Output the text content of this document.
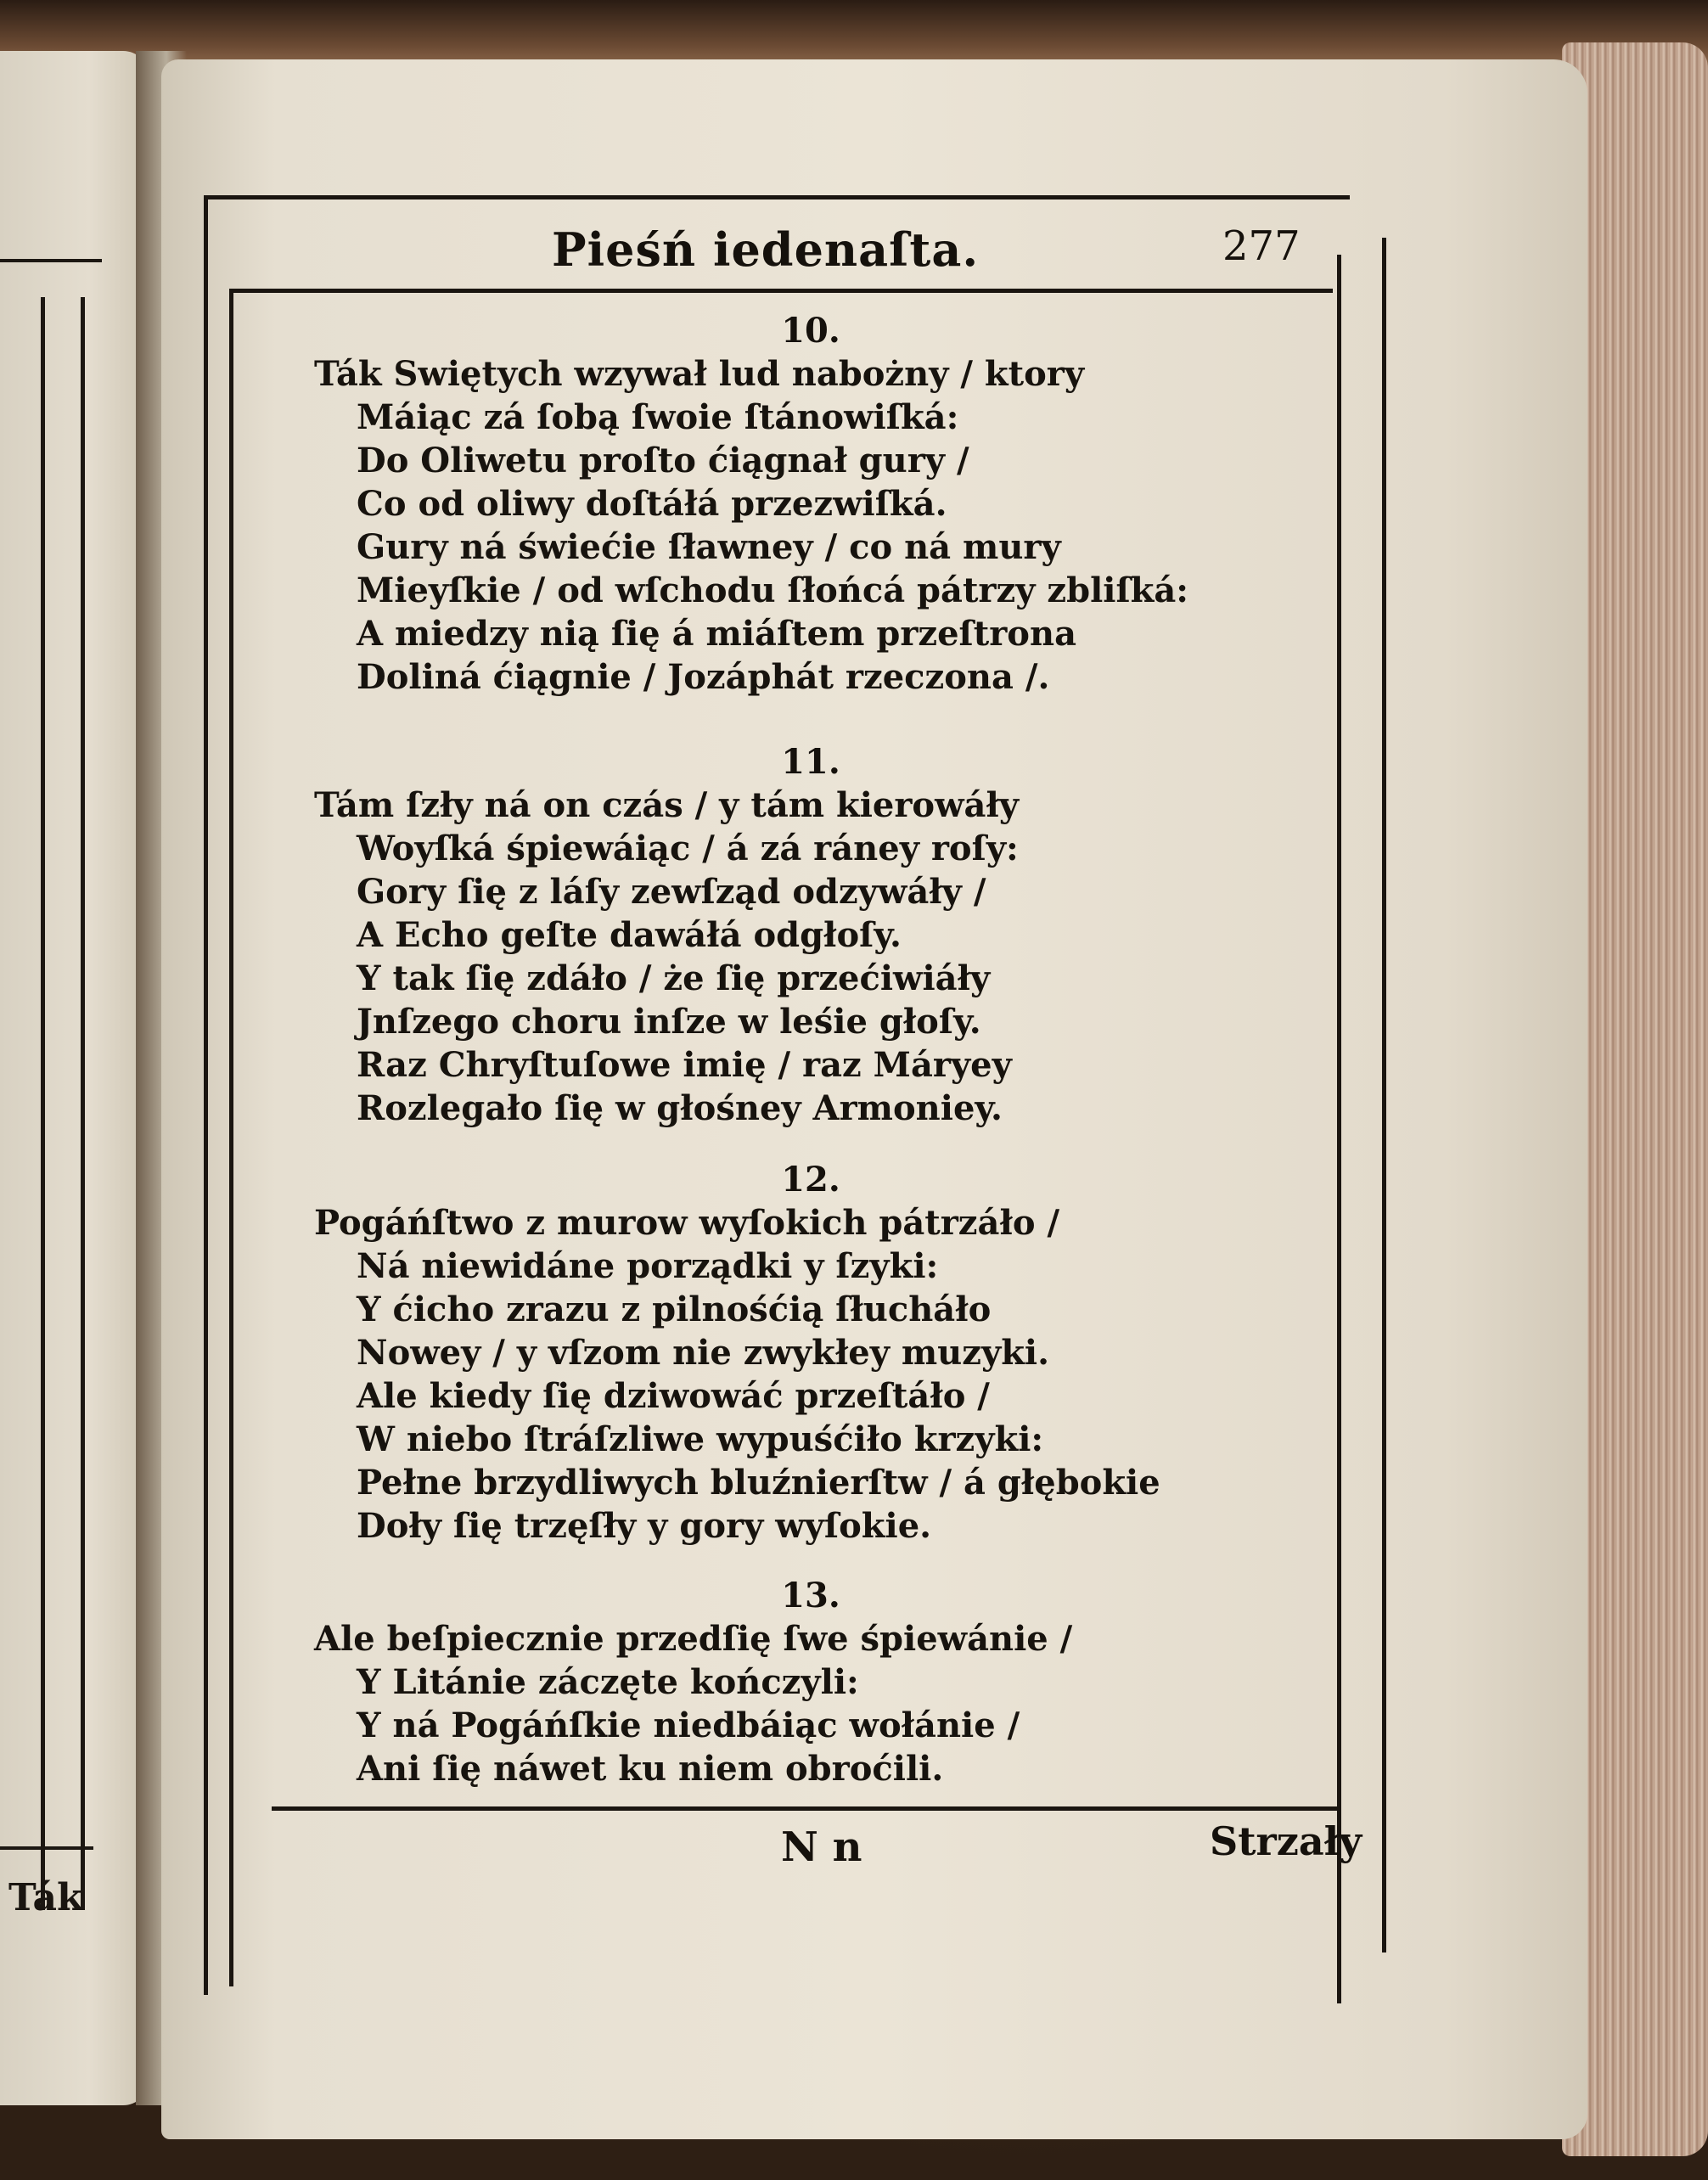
Ták
Pieśń iedenaſta.	277
10.
Ták Swiętych wzywał lud nabożny / ktory
Máiąc zá ſobą ſwoie ſtánowiſká:
Do Oliwetu proſto ćiągnał gury /
Co od oliwy doſtáłá przezwiſká.
Gury ná świećie ſławney / co ná mury
Mieyſkie / od wſchodu ſłońcá pátrzy zbliſká:
A miedzy nią ſię á miáſtem przeſtrona
Doliná ćiągnie / Jozáphát rzeczona /.
11.
Tám ſzły ná on czás / y tám kierowáły
Woyſká śpiewáiąc / á zá ráney roſy:
Gory ſię z láſy zewſząd odzywáły /
A Echo geſte dawáłá odgłoſy.
Y tak ſię zdáło / że ſię przećiwiáły
Jnſzego choru inſze w leśie głoſy.
Raz Chryſtuſowe imię / raz Máryey
Rozlegało ſię w głośney Armoniey.
12.
Pogáńſtwo z murow wyſokich pátrzáło /
Ná niewidáne porządki y ſzyki:
Y ćicho zrazu z pilnośćią ſłucháło
Nowey / y vſzom nie zwykłey muzyki.
Ale kiedy ſię dziwowáć przeſtáło /
W niebo ſtráſzliwe wypuśćiło krzyki:
Pełne brzydliwych bluźnierſtw / á głębokie
Doły ſię trzęſły y gory wyſokie.
13.
Ale beſpiecznie przedſię ſwe śpiewánie /
Y Litánie záczęte kończyli:
Y ná Pogáńſkie niedbáiąc wołánie /
Ani ſię náwet ku niem obroćili.
N n	Strzały
